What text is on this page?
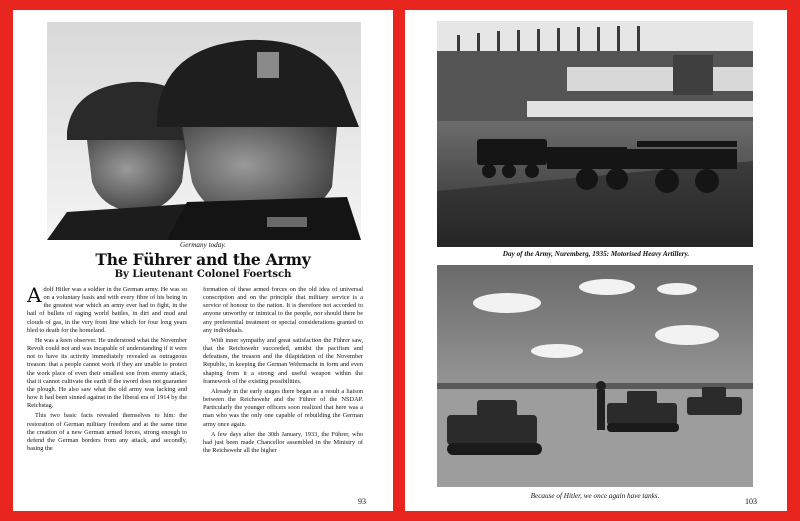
Germany today.
The Führer and the Army
By Lieutenant Colonel Foertsch

Adolf Hitler was a soldier in the German army. He was so on a voluntary basis and with every fibre of his being in the greatest war which an army ever had to fight, in the hail of bullets of raging world battles, in dirt and mud and clouds of gas, in the very front line which for four long years bled to death for the homeland.

He was a keen observer. He understood what the November Revolt could not and was incapable of understanding if it were not to have its activity immediately revealed as outrageous treason: that a people cannot work if they are unable to protect the work place of even their smallest son from enemy attack, that it cannot cultivate the earth if the sword does not guarantee the plough. He also saw what the old army was lacking and how it had been sinned against in the liberal era of 1914 by the Reichstag.

This two basic facts revealed themselves to him: the restoration of German military freedom and at the same time the creation of a new German armed forces, strong enough to defend the German borders from any attack, and secondly, basing the

formation of these armed forces on the old idea of universal conscription and on the principle that military service is a service of honour to the nation. It is therefore not accorded to anyone unworthy or inimical to the people, nor should there be any preferential treatment or special considerations granted to any individuals.

With inner sympathy and great satisfaction the Führer saw, that the Reichswehr succeeded, amidst the pacifism and defeatism, the treason and the dilapidation of the November Republic, in keeping the German Wehrmacht in form and even shaping from it a strong and useful weapon within the framework of the existing possibilities.

Already in the early stages there began as a result a liaison between the Reichswehr and the Führer of the NSDAP. Particularly the younger officers soon realized that here was a man who was the only one capable of rebuilding the German army once again.

A few days after the 30th January, 1933, the Führer, who had just been made Chancellor assembled in the Ministry of the Reichswehr all the higher

93
Day of the Army, Nuremberg, 1935: Motorised Heavy Artillery.
Because of Hitler, we once again have tanks.
103
